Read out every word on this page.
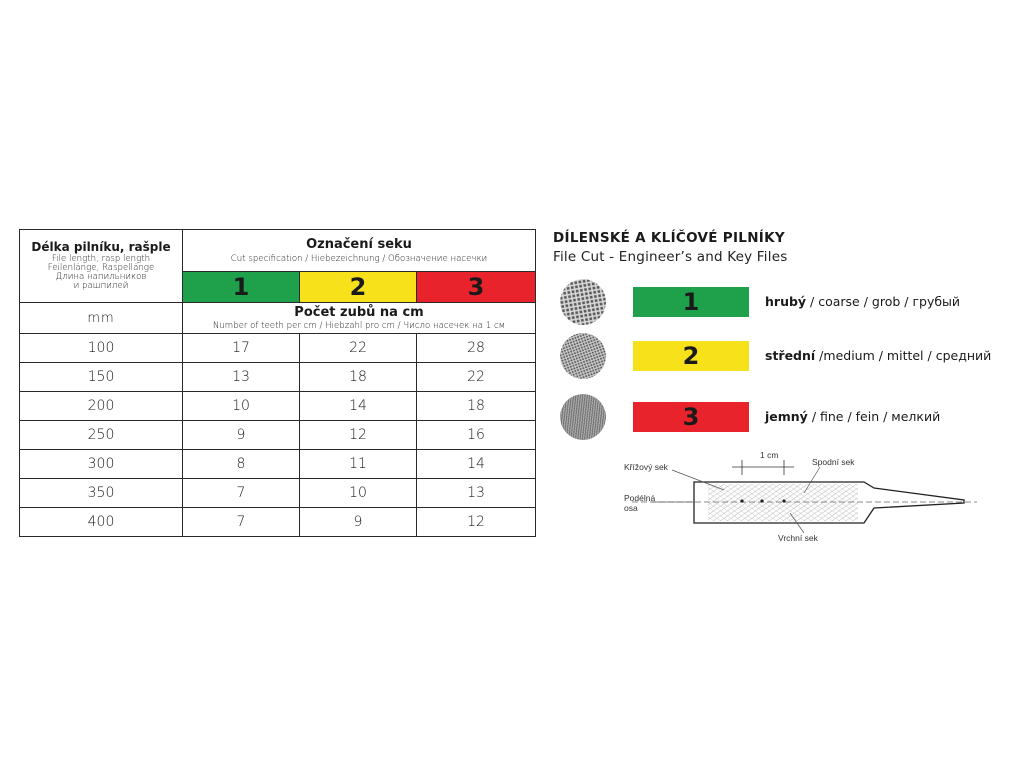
Délka pilníku, rašple
File length, rasp length
Feilenlänge, Raspellänge
Длина напильников
и рашпилей	Označení seku
Cut specification / Hiebezeichnung / Обозначение насечки		

	1	2	3
mm	Počet zubů na cm
Number of teeth per cm / Hiebzahl pro cm / Число насечек на 1 см		

100	17	22	28
150	13	18	22
200	10	14	18
250	9	12	16
300	8	11	14
350	7	10	13
400	7	9	12
DÍLENSKÉ A KLÍČOVÉ PILNÍKY
File Cut - Engineer’s and Key Files
1	hrubý / coarse / grob / грубый
2	střední /medium / mittel / средний
3	jemný / fine / fein / мелкий
1 cm
Křížový sek	Spodní sek
Podélná
osa
Vrchní sek
